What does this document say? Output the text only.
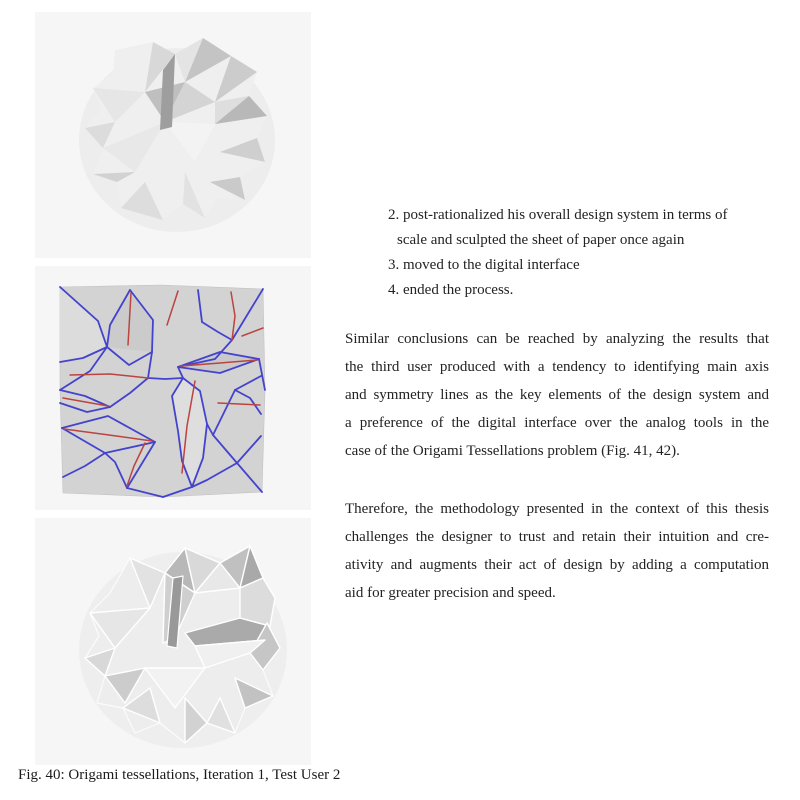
Fig. 40: Origami tessellations, Iteration 1, Test User 2
2. post-rationalized his overall design system in terms of
scale and sculpted the sheet of paper once again
3. moved to the digital interface
4. ended the process.
Similar conclusions can be reached by analyzing the results that
the third user produced with a tendency to identifying main axis
and symmetry lines as the key elements of the design system and
a preference of the digital interface over the analog tools in the
case of the Origami Tessellations problem (Fig. 41, 42).
Therefore, the methodology presented in the context of this thesis
challenges the designer to trust and retain their intuition and cre-
ativity and augments their act of design by adding a computation
aid for greater precision and speed.
